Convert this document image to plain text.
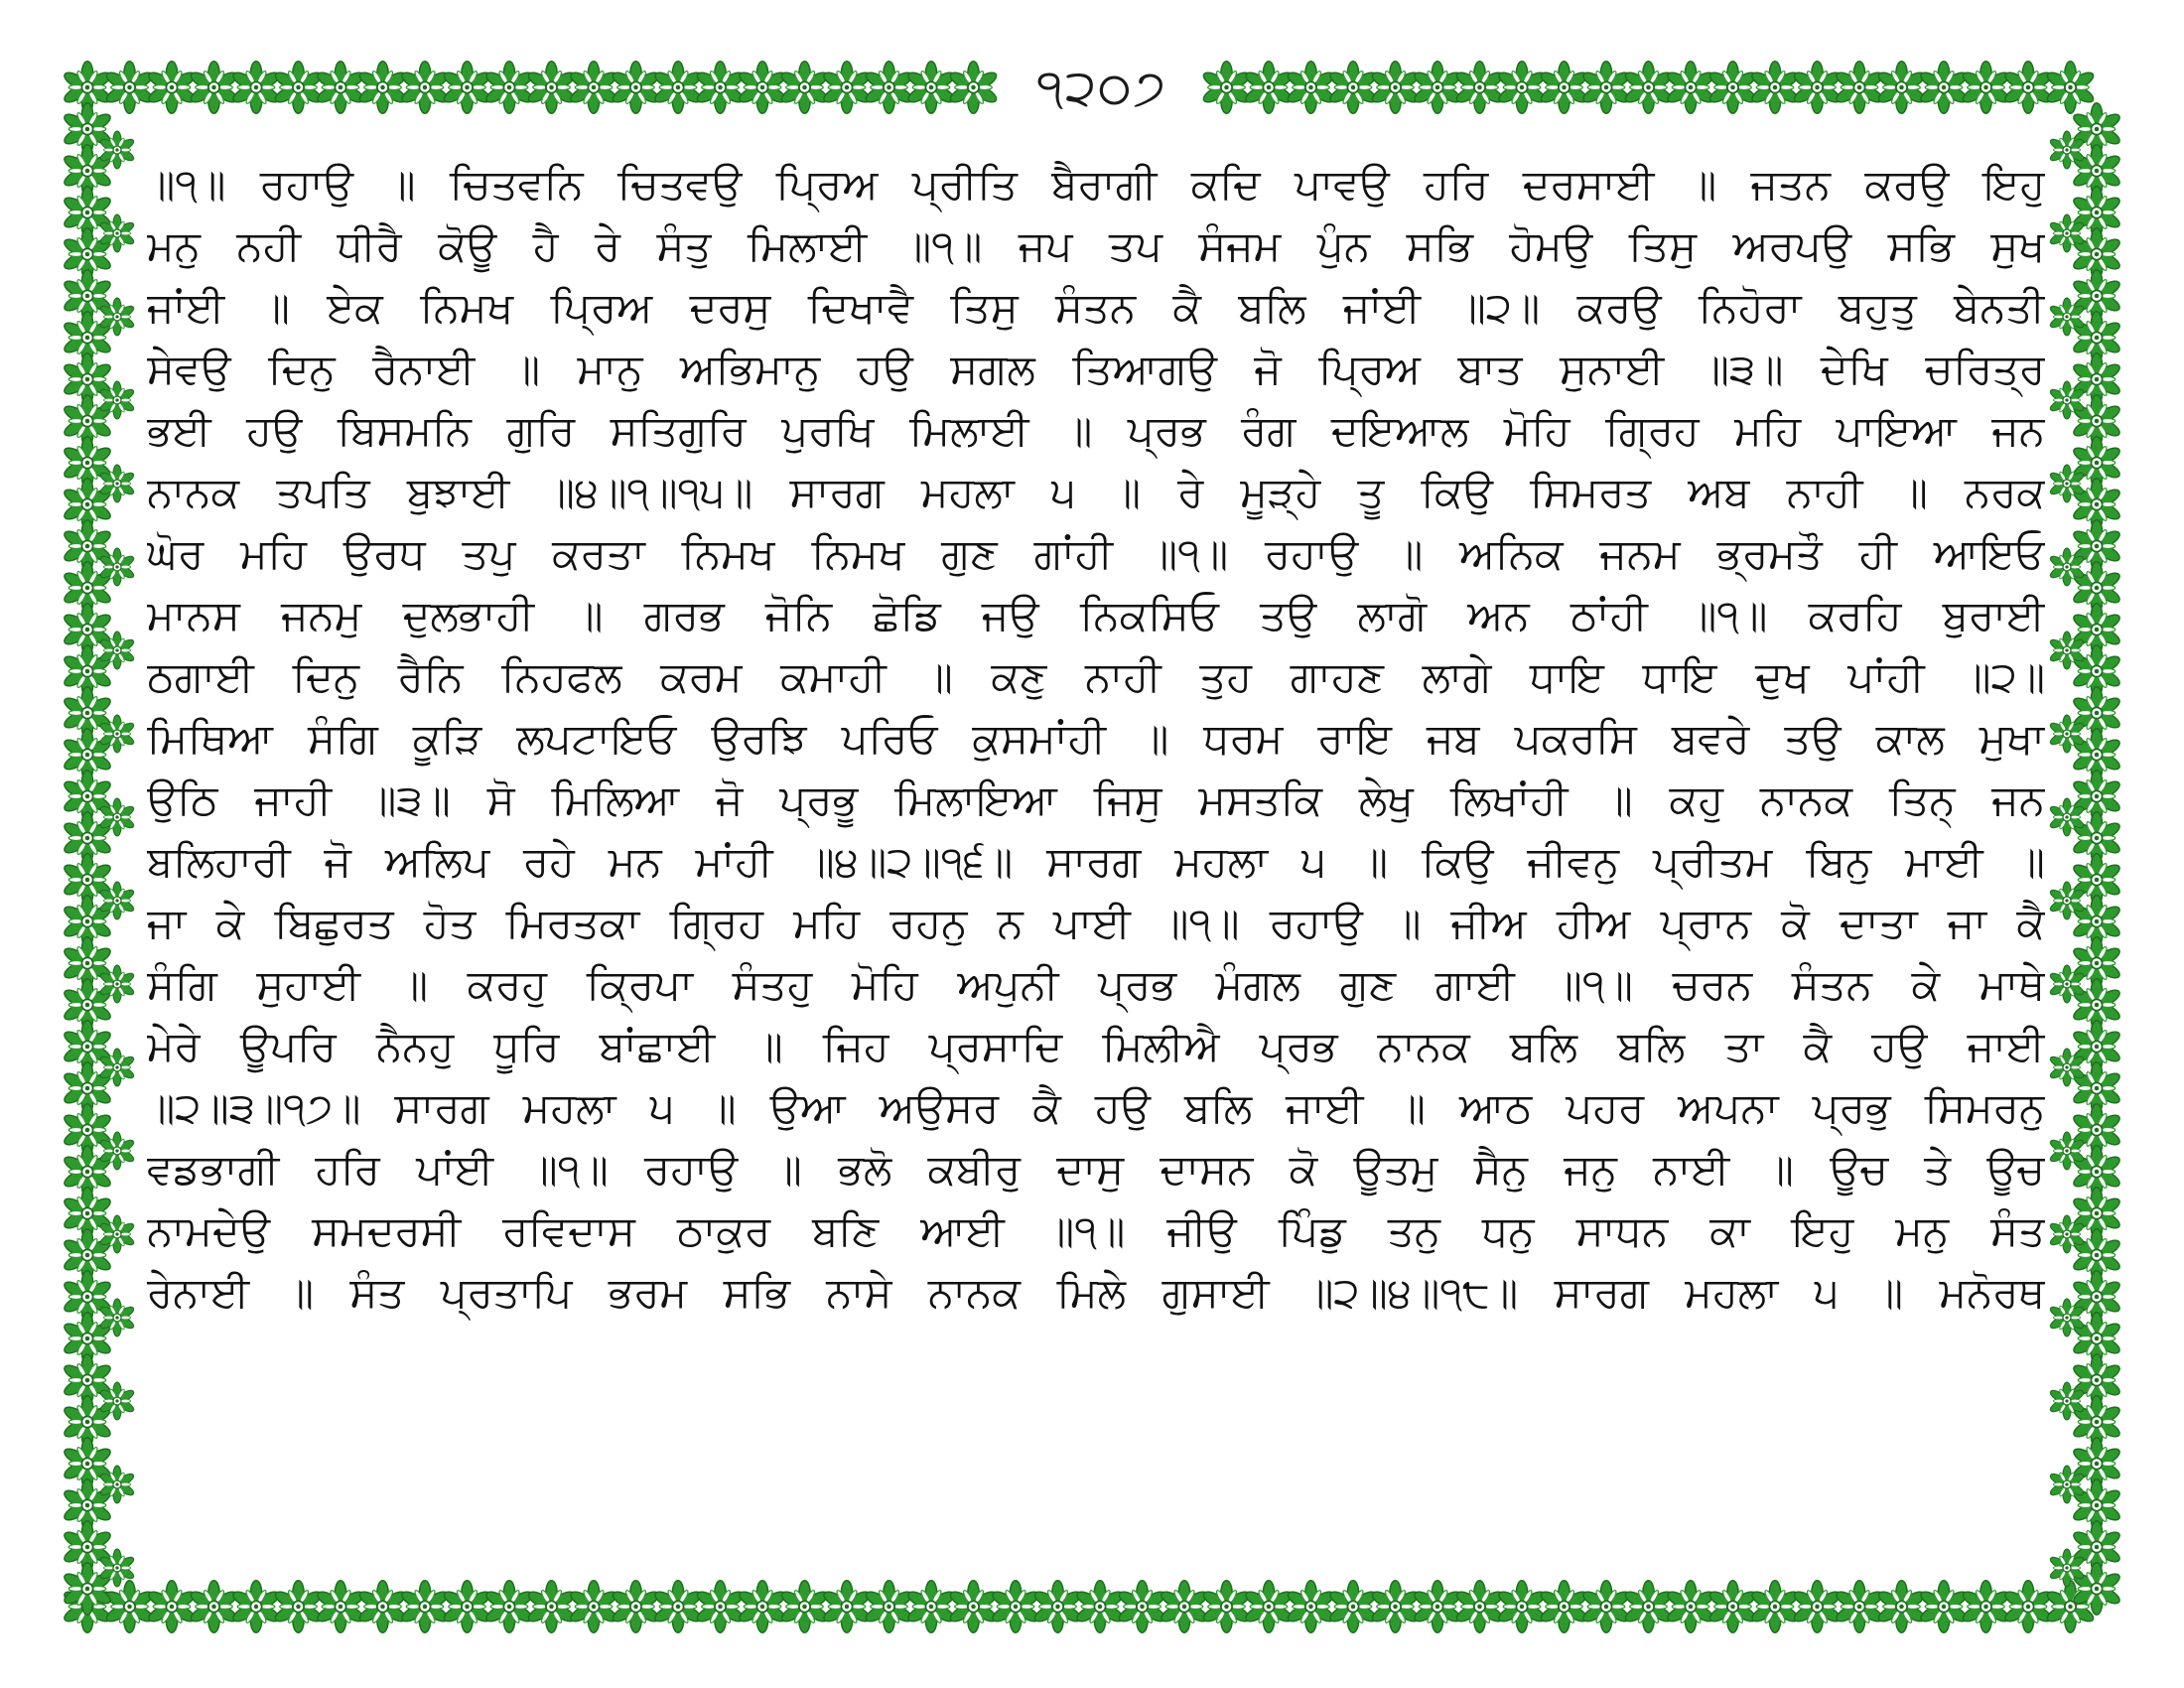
੧੨੦੭
॥੧॥ ਰਹਾਉ ॥ ਚਿਤਵਨਿ ਚਿਤਵਉ ਪ੍ਰਿਅ ਪ੍ਰੀਤਿ ਬੈਰਾਗੀ ਕਦਿ ਪਾਵਉ ਹਰਿ ਦਰਸਾਈ ॥ ਜਤਨ ਕਰਉ ਇਹੁ
ਮਨੁ ਨਹੀ ਧੀਰੈ ਕੋਊ ਹੈ ਰੇ ਸੰਤੁ ਮਿਲਾਈ ॥੧॥ ਜਪ ਤਪ ਸੰਜਮ ਪੁੰਨ ਸਭਿ ਹੋਮਉ ਤਿਸੁ ਅਰਪਉ ਸਭਿ ਸੁਖ
ਜਾਂਈ ॥ ਏਕ ਨਿਮਖ ਪ੍ਰਿਅ ਦਰਸੁ ਦਿਖਾਵੈ ਤਿਸੁ ਸੰਤਨ ਕੈ ਬਲਿ ਜਾਂਈ ॥੨॥ ਕਰਉ ਨਿਹੋਰਾ ਬਹੁਤੁ ਬੇਨਤੀ
ਸੇਵਉ ਦਿਨੁ ਰੈਨਾਈ ॥ ਮਾਨੁ ਅਭਿਮਾਨੁ ਹਉ ਸਗਲ ਤਿਆਗਉ ਜੋ ਪ੍ਰਿਅ ਬਾਤ ਸੁਨਾਈ ॥੩॥ ਦੇਖਿ ਚਰਿਤ੍ਰ
ਭਈ ਹਉ ਬਿਸਮਨਿ ਗੁਰਿ ਸਤਿਗੁਰਿ ਪੁਰਖਿ ਮਿਲਾਈ ॥ ਪ੍ਰਭ ਰੰਗ ਦਇਆਲ ਮੋਹਿ ਗ੍ਰਿਹ ਮਹਿ ਪਾਇਆ ਜਨ
ਨਾਨਕ ਤਪਤਿ ਬੁਝਾਈ ॥੪॥੧॥੧੫॥ ਸਾਰਗ ਮਹਲਾ ੫ ॥ ਰੇ ਮੂੜ੍ਹੇ ਤੂ ਕਿਉ ਸਿਮਰਤ ਅਬ ਨਾਹੀ ॥ ਨਰਕ
ਘੋਰ ਮਹਿ ਉਰਧ ਤਪੁ ਕਰਤਾ ਨਿਮਖ ਨਿਮਖ ਗੁਣ ਗਾਂਹੀ ॥੧॥ ਰਹਾਉ ॥ ਅਨਿਕ ਜਨਮ ਭ੍ਰਮਤੌ ਹੀ ਆਇਓ
ਮਾਨਸ ਜਨਮੁ ਦੁਲਭਾਹੀ ॥ ਗਰਭ ਜੋਨਿ ਛੋਡਿ ਜਉ ਨਿਕਸਿਓ ਤਉ ਲਾਗੋ ਅਨ ਠਾਂਹੀ ॥੧॥ ਕਰਹਿ ਬੁਰਾਈ
ਠਗਾਈ ਦਿਨੁ ਰੈਨਿ ਨਿਹਫਲ ਕਰਮ ਕਮਾਹੀ ॥ ਕਣੁ ਨਾਹੀ ਤੁਹ ਗਾਹਣ ਲਾਗੇ ਧਾਇ ਧਾਇ ਦੁਖ ਪਾਂਹੀ ॥੨॥
ਮਿਥਿਆ ਸੰਗਿ ਕੂੜਿ ਲਪਟਾਇਓ ਉਰਝਿ ਪਰਿਓ ਕੁਸਮਾਂਹੀ ॥ ਧਰਮ ਰਾਇ ਜਬ ਪਕਰਸਿ ਬਵਰੇ ਤਉ ਕਾਲ ਮੁਖਾ
ਉਠਿ ਜਾਹੀ ॥੩॥ ਸੋ ਮਿਲਿਆ ਜੋ ਪ੍ਰਭੂ ਮਿਲਾਇਆ ਜਿਸੁ ਮਸਤਕਿ ਲੇਖੁ ਲਿਖਾਂਹੀ ॥ ਕਹੁ ਨਾਨਕ ਤਿਨ੍ ਜਨ
ਬਲਿਹਾਰੀ ਜੋ ਅਲਿਪ ਰਹੇ ਮਨ ਮਾਂਹੀ ॥੪॥੨॥੧੬॥ ਸਾਰਗ ਮਹਲਾ ੫ ॥ ਕਿਉ ਜੀਵਨੁ ਪ੍ਰੀਤਮ ਬਿਨੁ ਮਾਈ ॥
ਜਾ ਕੇ ਬਿਛੁਰਤ ਹੋਤ ਮਿਰਤਕਾ ਗ੍ਰਿਹ ਮਹਿ ਰਹਨੁ ਨ ਪਾਈ ॥੧॥ ਰਹਾਉ ॥ ਜੀਅ ਹੀਅ ਪ੍ਰਾਨ ਕੋ ਦਾਤਾ ਜਾ ਕੈ
ਸੰਗਿ ਸੁਹਾਈ ॥ ਕਰਹੁ ਕ੍ਰਿਪਾ ਸੰਤਹੁ ਮੋਹਿ ਅਪੁਨੀ ਪ੍ਰਭ ਮੰਗਲ ਗੁਣ ਗਾਈ ॥੧॥ ਚਰਨ ਸੰਤਨ ਕੇ ਮਾਥੇ
ਮੇਰੇ ਊਪਰਿ ਨੈਨਹੁ ਧੂਰਿ ਬਾਂਛਾਈ ॥ ਜਿਹ ਪ੍ਰਸਾਦਿ ਮਿਲੀਐ ਪ੍ਰਭ ਨਾਨਕ ਬਲਿ ਬਲਿ ਤਾ ਕੈ ਹਉ ਜਾਈ
॥੨॥੩॥੧੭॥ ਸਾਰਗ ਮਹਲਾ ੫ ॥ ਉਆ ਅਉਸਰ ਕੈ ਹਉ ਬਲਿ ਜਾਈ ॥ ਆਠ ਪਹਰ ਅਪਨਾ ਪ੍ਰਭੁ ਸਿਮਰਨੁ
ਵਡਭਾਗੀ ਹਰਿ ਪਾਂਈ ॥੧॥ ਰਹਾਉ ॥ ਭਲੋ ਕਬੀਰੁ ਦਾਸੁ ਦਾਸਨ ਕੋ ਊਤਮੁ ਸੈਨੁ ਜਨੁ ਨਾਈ ॥ ਊਚ ਤੇ ਊਚ
ਨਾਮਦੇਉ ਸਮਦਰਸੀ ਰਵਿਦਾਸ ਠਾਕੁਰ ਬਣਿ ਆਈ ॥੧॥ ਜੀਉ ਪਿੰਡੁ ਤਨੁ ਧਨੁ ਸਾਧਨ ਕਾ ਇਹੁ ਮਨੁ ਸੰਤ
ਰੇਨਾਈ ॥ ਸੰਤ ਪ੍ਰਤਾਪਿ ਭਰਮ ਸਭਿ ਨਾਸੇ ਨਾਨਕ ਮਿਲੇ ਗੁਸਾਈ ॥੨॥੪॥੧੮॥ ਸਾਰਗ ਮਹਲਾ ੫ ॥ ਮਨੋਰਥ
